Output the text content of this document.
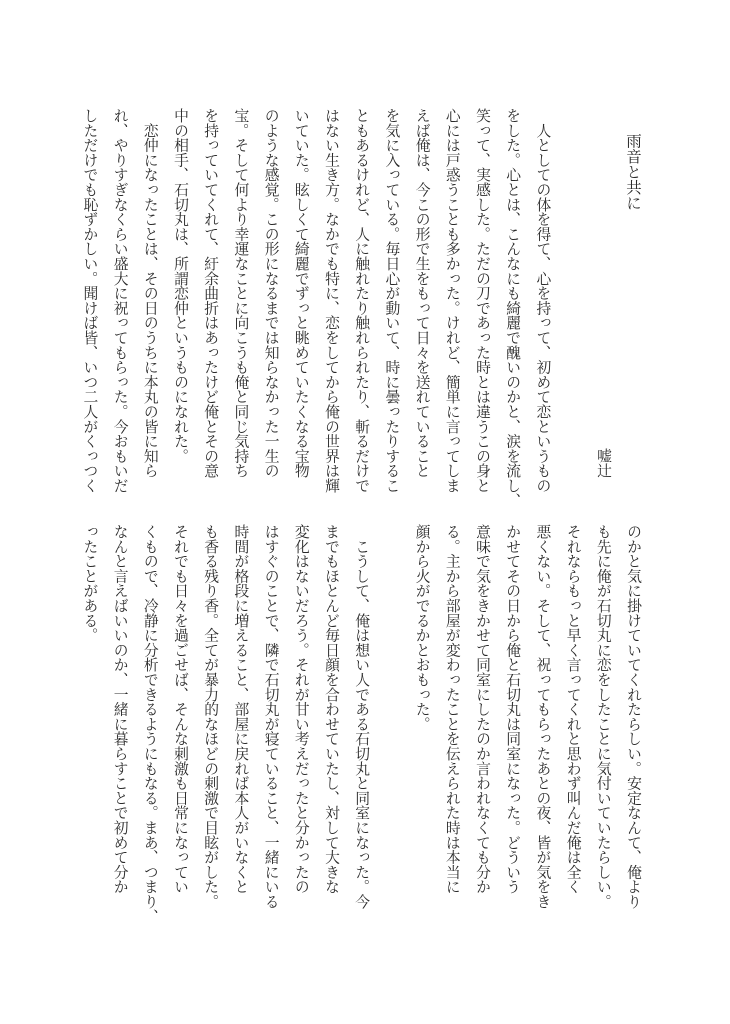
雨音と共に
嘘辻
　人としての体を得て、心を持って、初めて恋というもの
をした。心とは、こんなにも綺麗で醜いのかと、涙を流し、
笑って、実感した。ただの刀であった時とは違うこの身と
心には戸惑うことも多かった。けれど、簡単に言ってしま
えば俺は、今この形で生をもって日々を送れていること
を気に入っている。毎日心が動いて、時に曇ったりするこ
ともあるけれど、人に触れたり触れられたり、斬るだけで
はない生き方。なかでも特に、恋をしてから俺の世界は輝
いていた。眩しくて綺麗でずっと眺めていたくなる宝物
のような感覚。この形になるまでは知らなかった一生の
宝。そして何より幸運なことに向こうも俺と同じ気持ち
を持っていてくれて、紆余曲折はあったけど俺とその意
中の相手、石切丸は、所謂恋仲というものになれた。
　恋仲になったことは、その日のうちに本丸の皆に知ら
れ、やりすぎなくらい盛大に祝ってもらった。今おもいだ
しただけでも恥ずかしい。聞けば皆、いつ二人がくっつく
のかと気に掛けていてくれたらしい。安定なんて、俺より
も先に俺が石切丸に恋をしたことに気付いていたらしい。
それならもっと早く言ってくれと思わず叫んだ俺は全く
悪くない。そして、祝ってもらったあとの夜、皆が気をき
かせてその日から俺と石切丸は同室になった。どういう
意味で気をきかせて同室にしたのか言われなくても分か
る。主から部屋が変わったことを伝えられた時は本当に
顔から火がでるかとおもった。
　こうして、俺は想い人である石切丸と同室になった。今
までもほとんど毎日顔を合わせていたし、対して大きな
変化はないだろう。それが甘い考えだったと分かったの
はすぐのことで、隣で石切丸が寝ていること、一緒にいる
時間が格段に増えること、部屋に戻れば本人がいなくと
も香る残り香。全てが暴力的なほどの刺激で目眩がした。
それでも日々を過ごせば、そんな刺激も日常になってい
くもので、冷静に分析できるようにもなる。まあ、つまり、
なんと言えばいいのか、一緒に暮らすことで初めて分か
ったことがある。
